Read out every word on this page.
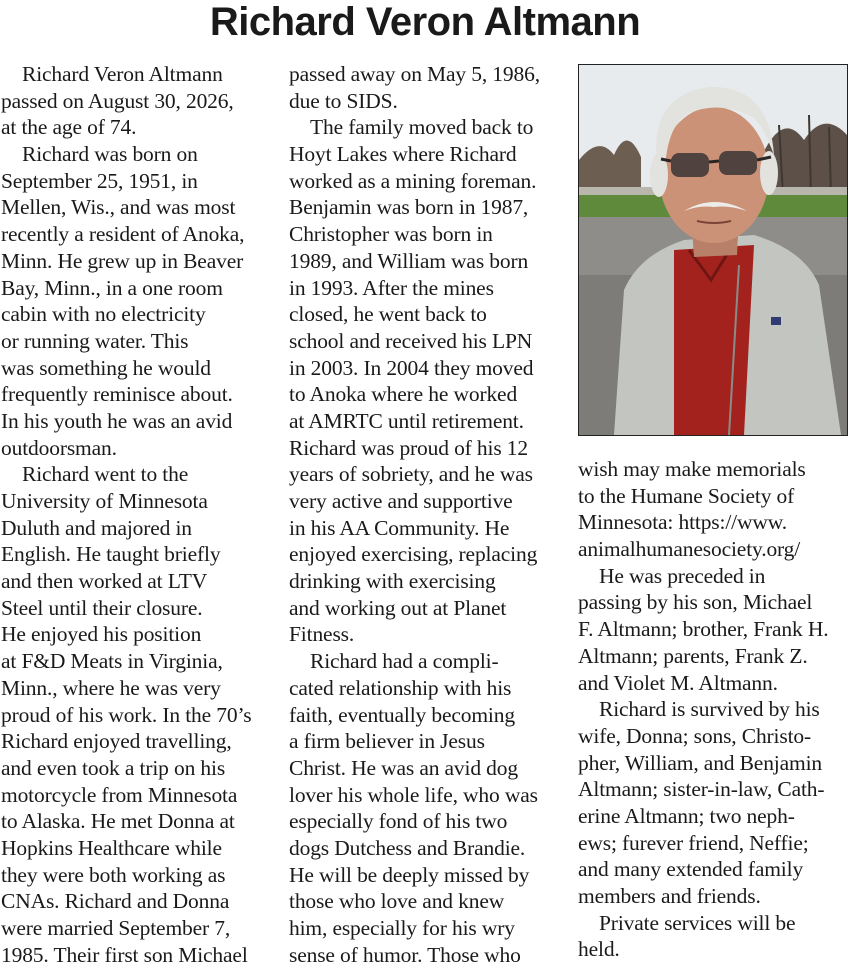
Richard Veron Altmann
Richard Veron Altmann
passed on August 30, 2026,
at the age of 74.
Richard was born on
September 25, 1951, in
Mellen, Wis., and was most
recently a resident of Anoka,
Minn. He grew up in Beaver
Bay, Minn., in a one room
cabin with no electricity
or running water. This
was something he would
frequently reminisce about.
In his youth he was an avid
outdoorsman.
Richard went to the
University of Minnesota
Duluth and majored in
English. He taught briefly
and then worked at LTV
Steel until their closure.
He enjoyed his position
at F&D Meats in Virginia,
Minn., where he was very
proud of his work. In the 70’s
Richard enjoyed travelling,
and even took a trip on his
motorcycle from Minnesota
to Alaska. He met Donna at
Hopkins Healthcare while
they were both working as
CNAs. Richard and Donna
were married September 7,
1985. Their first son Michael
passed away on May 5, 1986,
due to SIDS.
The family moved back to
Hoyt Lakes where Richard
worked as a mining foreman.
Benjamin was born in 1987,
Christopher was born in
1989, and William was born
in 1993. After the mines
closed, he went back to
school and received his LPN
in 2003. In 2004 they moved
to Anoka where he worked
at AMRTC until retirement.
Richard was proud of his 12
years of sobriety, and he was
very active and supportive
in his AA Community. He
enjoyed exercising, replacing
drinking with exercising
and working out at Planet
Fitness.
Richard had a compli-
cated relationship with his
faith, eventually becoming
a firm believer in Jesus
Christ. He was an avid dog
lover his whole life, who was
especially fond of his two
dogs Dutchess and Brandie.
He will be deeply missed by
those who love and knew
him, especially for his wry
sense of humor. Those who
wish may make memorials
to the Humane Society of
Minnesota: https://www.
animalhumanesociety.org/
He was preceded in
passing by his son, Michael
F. Altmann; brother, Frank H.
Altmann; parents, Frank Z.
and Violet M. Altmann.
Richard is survived by his
wife, Donna; sons, Christo-
pher, William, and Benjamin
Altmann; sister-in-law, Cath-
erine Altmann; two neph-
ews; furever friend, Neffie;
and many extended family
members and friends.
Private services will be
held.
